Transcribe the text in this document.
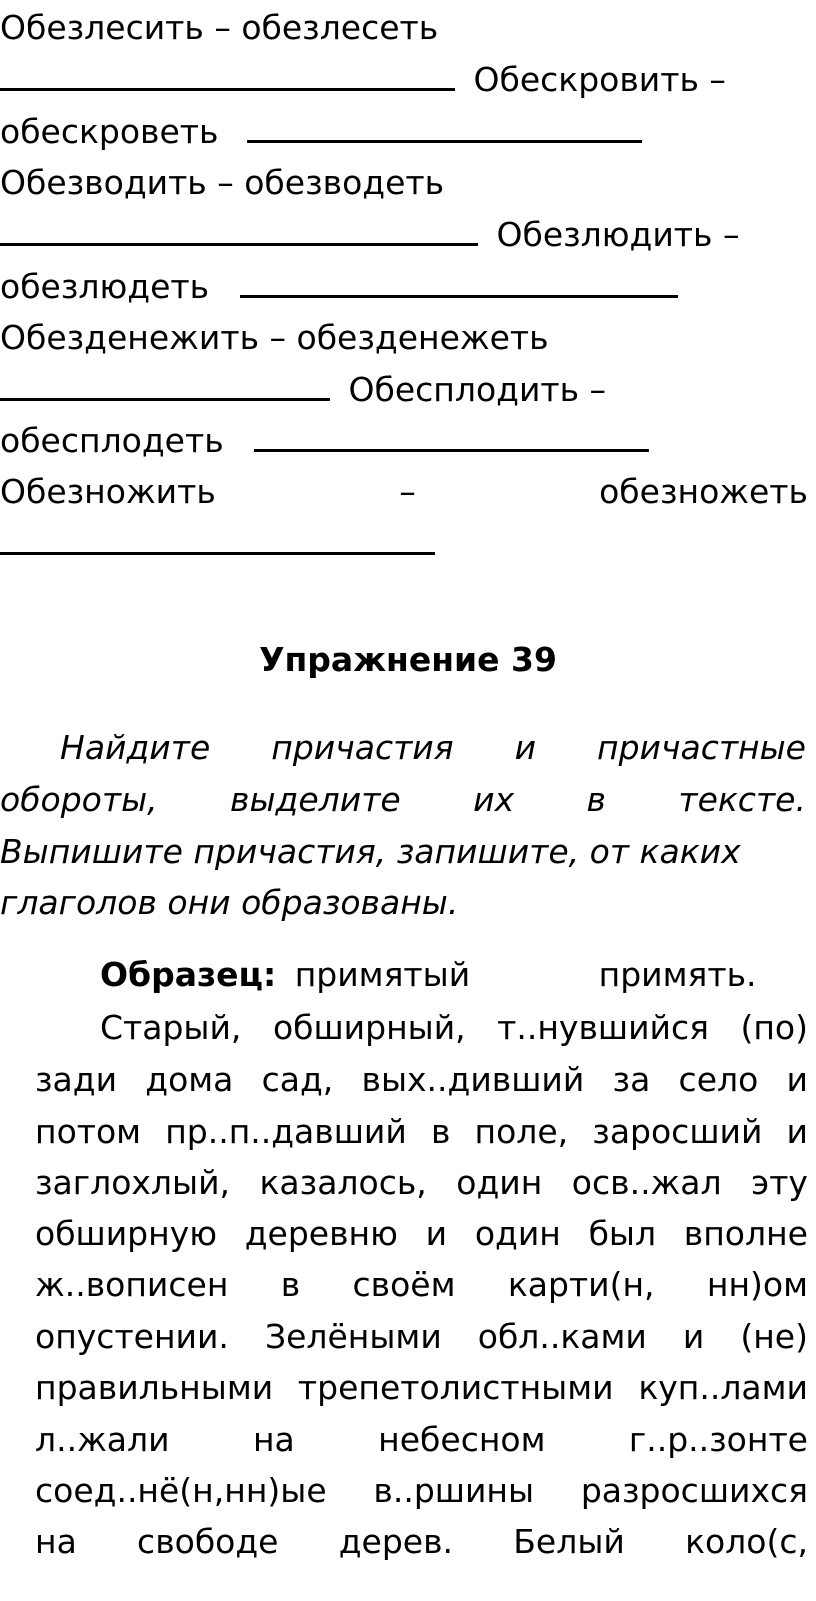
Обезлесить – обезлесеть
Обескровить –
обескроветь
Обезводить – обезводеть
Обезлюдить –
обезлюдеть
Обезденежить – обезденежеть
Обесплодить –
обесплодеть
Обезножить	–	обезножеть
Упражнение 39
Найдите причастия и причастные
обороты, выделите их в тексте.
Выпишите причастия, запишите, от каких
глаголов они образованы.
Образец: примятый	примять.
Старый, обширный, т..нувшийся (по)
зади дома сад, вых..дивший за село и
потом пр..п..давший в поле, заросший и
заглохлый, казалось, один осв..жал эту
обширную деревню и один был вполне
ж..вописен в своём карти(н, нн)ом
опустении. Зелёными обл..ками и (не)
правильными трепетолистными куп..лами
л..жали	на	небесном	г..р..зонте
соед..нё(н,нн)ые в..ршины разросшихся
на свободе дерев. Белый коло(с,
